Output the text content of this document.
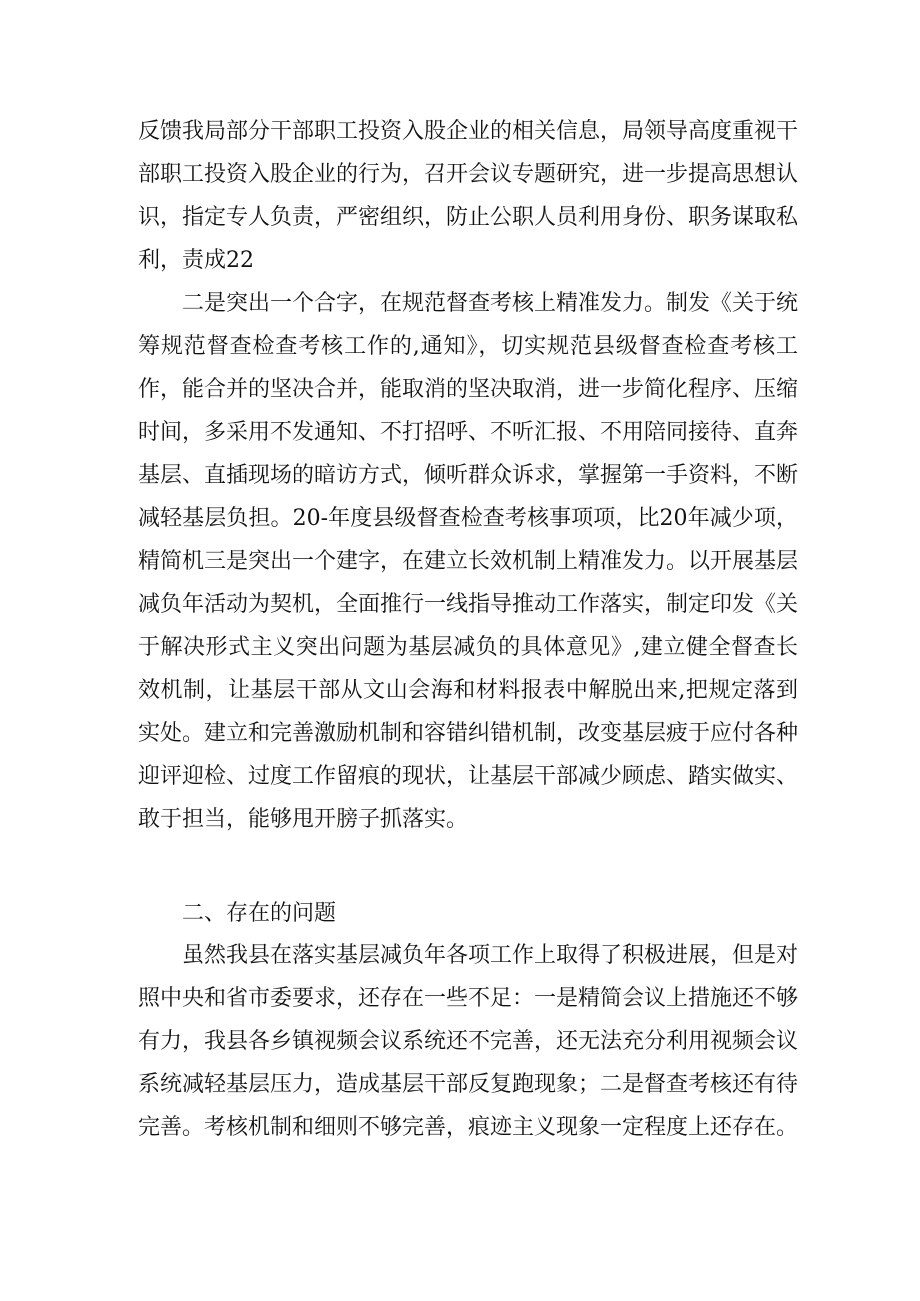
反馈我局部分干部职工投资入股企业的相关信息，局领导高度重视干部职工投资入股企业的行为，召开会议专题研究，进一步提高思想认识，指定专人负责，严密组织，防止公职人员利用身份、职务谋取私利，责成22

二是突出一个合字，在规范督查考核上精准发力。制发《关于统筹规范督查检查考核工作的,通知》，切实规范县级督查检查考核工作，能合并的坚决合并，能取消的坚决取消，进一步简化程序、压缩时间，多采用不发通知、不打招呼、不听汇报、不用陪同接待、直奔基层、直插现场的暗访方式，倾听群众诉求，掌握第一手资料，不断减轻基层负担。20-年度县级督查检查考核事项项，比20年减少项，精简机三是突出一个建字，在建立长效机制上精准发力。以开展基层减负年活动为契机，全面推行一线指导推动工作落实，制定印发《关于解决形式主义突出问题为基层减负的具体意见》,建立健全督查长效机制，让基层干部从文山会海和材料报表中解脱出来,把规定落到实处。建立和完善激励机制和容错纠错机制，改变基层疲于应付各种迎评迎检、过度工作留痕的现状，让基层干部减少顾虑、踏实做实、敢于担当，能够甩开膀子抓落实。

二、存在的问题

虽然我县在落实基层减负年各项工作上取得了积极进展，但是对照中央和省市委要求，还存在一些不足：一是精简会议上措施还不够有力，我县各乡镇视频会议系统还不完善，还无法充分利用视频会议系统减轻基层压力，造成基层干部反复跑现象；二是督查考核还有待完善。考核机制和细则不够完善，痕迹主义现象一定程度上还存在。
